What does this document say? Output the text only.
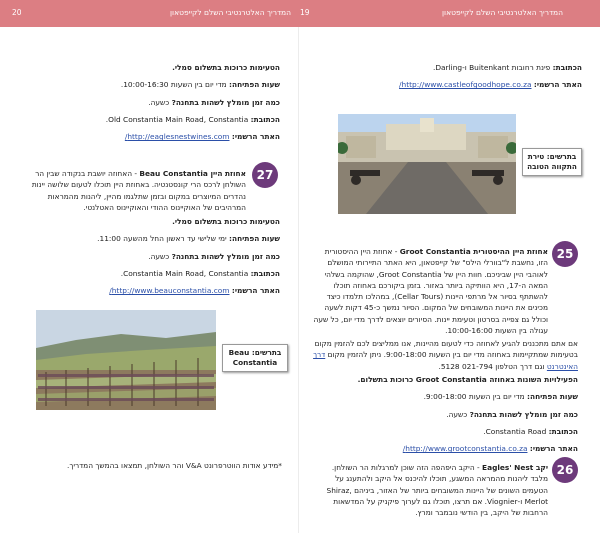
20	המדריך האלטרנטיבי השלם לקייפטאון 19	המדריך האלטרנטיבי השלם לקייפטאון
הטעימות כרוכות בתשלום סמלי.
שעות הפתיחה: מדי יום בין השעות 10:00-16:30.
כמה זמן מומלץ לשהות בתחנה? כשעה.
הכתובת: Old Constantia Main Road, Constantia.
האתר הרשמי: http://eaglesnestwines.com/
27
אחוזת היין Beau Constantia - האחוזה יושבת בנקודה שבין הר השולחן לרכס הרי קונסטנטיה. באחוזת היין תוכלו לטעום שלושה יינות נהדרים המיוצרים במקום ובזמן שתלגמו מהיין, ליהנות מהמראות המרהיבים של האוקיינוס ההודי והאוקיינוס האטלנטי.
הטעימות כרוכות בתשלום סמלי.
שעות הפתיחה: ימי שלישי עד ראשון החל מהשעה 11:00.
כמה זמן מומלץ לשהות בתחנה? כשעה.
הכתובת: Constantia Main Road, Constantia.
האתר הרשמי: http://www.beauconstantia.com/
בתרשים: Beau Constantia
*מידע אודות הווטרפרונט V&A והר השולחן, תמצאו בהמשך המדריך.
הכתובת: פינת רחובות Buitenkant ו-Darling.
האתר הרשמי: http://www.castleofgoodhope.co.za/
בתרשים: טירת התקווה הטובה
25
אחוזת היין ההיסטורית Groot Constantia - אחוזת היין ההיסטורית הזו, נחשבת ל"בוורלי הילס" של קייפטאון, היא האתר התיירותי המושלם לאוהבי היין שביניכם. חוות היין של Groot Constantia, שהוקמה בשלהי המאה ה-17, היא הוותיקה ביותר באזור. בזמן ביקורכם באחוזה תוכלו להשתתף בסיור אל מרתפי היינות (Cellar Tours), במהלכו תלמדו כיצד מכינים את היינות המשובחים של המקום. הסיור נמשך כ-45 דקות לשעה וכולל גם צפייה בסרטון וטעימת יינות. הסיורים יוצאים לדרך מדי יום, כל שעה עגולה בין השעות 10:00-16:00.
אם אתם מתכננים להגיע לאחוזה כדי לטעום מהיינות, אנו ממליצים לכם להזמין מקום בטעימות שמתקיימות באחוזה מדי יום בין השעות 9:00-18:00. ניתן להזמין מקום דרך האינטרנט וגם דרך הטלפון 021-794 5128.
הפעילויות השונות באחוזה Groot Constantia כרוכות בתשלום.
שעות הפתיחה: מדי יום בין השעות 9:00-18:00.
כמה זמן מומלץ לשהות בתחנה? כשעה.
הכתובת: Constantia Road.
האתר הרשמי: http://www.grootconstantia.co.za/
26
יקב Eagles' Nest - היקב היפהפה הזה שוכן למרגלות הר השולחן. מלבד ליהנות מהמראה המשגע, תוכלו להיכנס אל היקב ולהתענג על הטעמים השונים של היינות המשובחים ביותר של האזור, ביניהם Shiraz, Merlot ו-Viognier. אם תרצו, תוכלו גם לערוך פיקניק על המדשאות הרחבות של היקב, בין הודשי נובמבר ומרץ.
